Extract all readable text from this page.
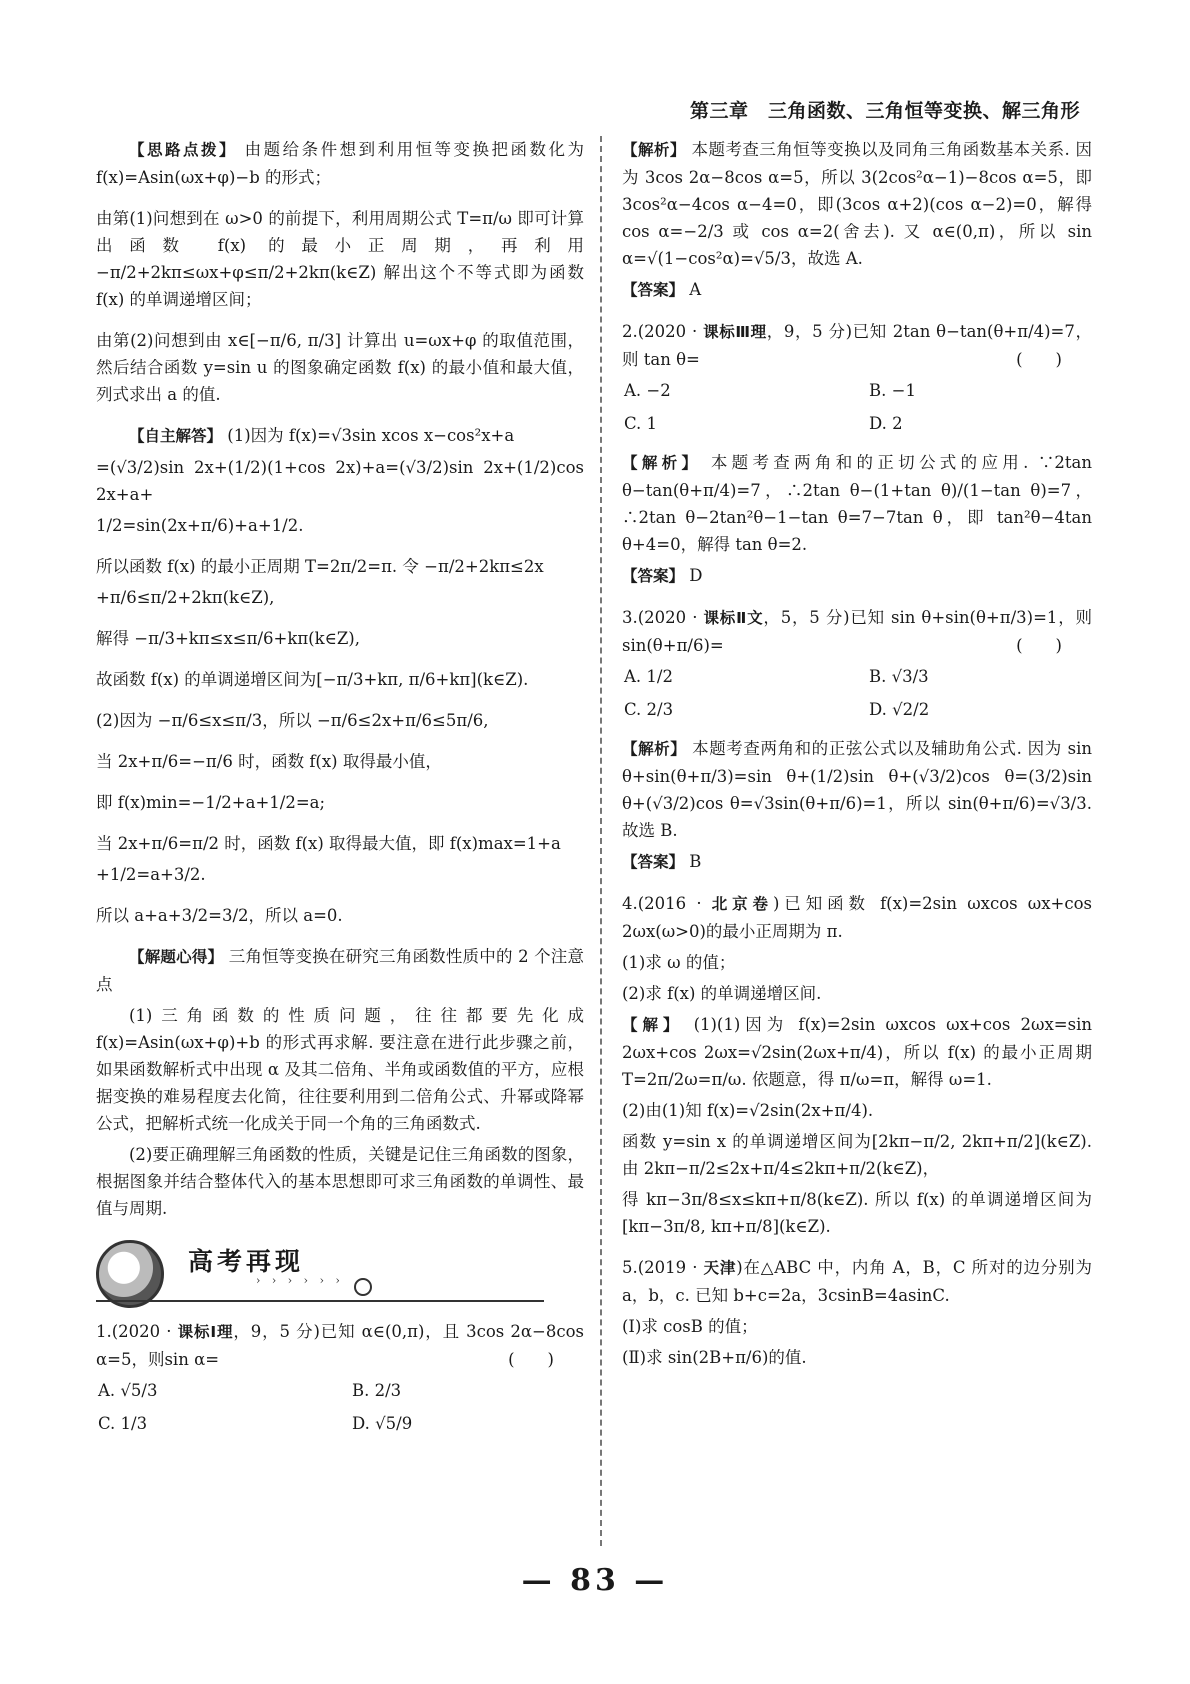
第三章　三角函数、三角恒等变换、解三角形

【思路点拨】 由题给条件想到利用恒等变换把函数化为 f(x)=Asin(ωx+φ)−b 的形式；

由第(1)问想到在 ω>0 的前提下，利用周期公式 T=π/ω 即可计算出函数 f(x) 的最小正周期，再利用 −π/2+2kπ≤ωx+φ≤π/2+2kπ(k∈Z) 解出这个不等式即为函数 f(x) 的单调递增区间；

由第(2)问想到由 x∈[−π/6, π/3] 计算出 u=ωx+φ 的取值范围，然后结合函数 y=sin u 的图象确定函数 f(x) 的最小值和最大值，列式求出 a 的值.

【自主解答】 (1)因为 f(x)=√3sin xcos x−cos²x+a

=(√3/2)sin 2x+(1/2)(1+cos 2x)+a=(√3/2)sin 2x+(1/2)cos 2x+a+

1/2=sin(2x+π/6)+a+1/2.

所以函数 f(x) 的最小正周期 T=2π/2=π. 令 −π/2+2kπ≤2x

+π/6≤π/2+2kπ(k∈Z),

解得 −π/3+kπ≤x≤π/6+kπ(k∈Z),

故函数 f(x) 的单调递增区间为[−π/3+kπ, π/6+kπ](k∈Z).

(2)因为 −π/6≤x≤π/3，所以 −π/6≤2x+π/6≤5π/6,

当 2x+π/6=−π/6 时，函数 f(x) 取得最小值，

即 f(x)min=−1/2+a+1/2=a;

当 2x+π/6=π/2 时，函数 f(x) 取得最大值，即 f(x)max=1+a

+1/2=a+3/2.

所以 a+a+3/2=3/2，所以 a=0.

【解题心得】 三角恒等变换在研究三角函数性质中的 2 个注意点

(1)三角函数的性质问题，往往都要先化成 f(x)=Asin(ωx+φ)+b 的形式再求解. 要注意在进行此步骤之前，如果函数解析式中出现 α 及其二倍角、半角或函数值的平方，应根据变换的难易程度去化简，往往要利用到二倍角公式、升幂或降幂公式，把解析式统一化成关于同一个角的三角函数式.

(2)要正确理解三角函数的性质，关键是记住三角函数的图象，根据图象并结合整体代入的基本思想即可求三角函数的单调性、最值与周期.

高考再现
› › › › › ›

1.(2020 · 课标Ⅰ理，9，5 分)已知 α∈(0,π)，且 3cos 2α−8cos α=5，则sin α=	(　　)

A. √5/3	B. 2/3
C. 1/3	D. √5/9

【解析】 本题考查三角恒等变换以及同角三角函数基本关系. 因为 3cos 2α−8cos α=5，所以 3(2cos²α−1)−8cos α=5，即 3cos²α−4cos α−4=0，即(3cos α+2)(cos α−2)=0，解得 cos α=−2/3 或 cos α=2(舍去). 又 α∈(0,π)，所以 sin α=√(1−cos²α)=√5/3，故选 A.

【答案】 A

2.(2020 · 课标Ⅲ理，9，5 分)已知 2tan θ−tan(θ+π/4)=7，则 tan θ=	(　　)

A. −2	B. −1
C. 1	D. 2

【解析】 本题考查两角和的正切公式的应用. ∵2tan θ−tan(θ+π/4)=7，∴2tan θ−(1+tan θ)/(1−tan θ)=7，∴2tan θ−2tan²θ−1−tan θ=7−7tan θ，即 tan²θ−4tan θ+4=0，解得 tan θ=2.

【答案】 D

3.(2020 · 课标Ⅱ文，5，5 分)已知 sin θ+sin(θ+π/3)=1，则 sin(θ+π/6)=	(　　)

A. 1/2	B. √3/3
C. 2/3	D. √2/2

【解析】 本题考查两角和的正弦公式以及辅助角公式. 因为 sin θ+sin(θ+π/3)=sin θ+(1/2)sin θ+(√3/2)cos θ=(3/2)sin θ+(√3/2)cos θ=√3sin(θ+π/6)=1，所以 sin(θ+π/6)=√3/3. 故选 B.

【答案】 B

4.(2016 · 北京卷)已知函数 f(x)=2sin ωxcos ωx+cos 2ωx(ω>0)的最小正周期为 π.

(1)求 ω 的值；

(2)求 f(x) 的单调递增区间.

【解】 (1)(1)因为 f(x)=2sin ωxcos ωx+cos 2ωx=sin 2ωx+cos 2ωx=√2sin(2ωx+π/4)，所以 f(x) 的最小正周期 T=2π/2ω=π/ω. 依题意，得 π/ω=π，解得 ω=1.

(2)由(1)知 f(x)=√2sin(2x+π/4).

函数 y=sin x 的单调递增区间为[2kπ−π/2, 2kπ+π/2](k∈Z). 由 2kπ−π/2≤2x+π/4≤2kπ+π/2(k∈Z)，

得 kπ−3π/8≤x≤kπ+π/8(k∈Z). 所以 f(x) 的单调递增区间为[kπ−3π/8, kπ+π/8](k∈Z).

5.(2019 · 天津)在△ABC 中，内角 A，B，C 所对的边分别为 a，b，c. 已知 b+c=2a，3csinB=4asinC.

(Ⅰ)求 cosB 的值；

(Ⅱ)求 sin(2B+π/6)的值.

— 83 —
